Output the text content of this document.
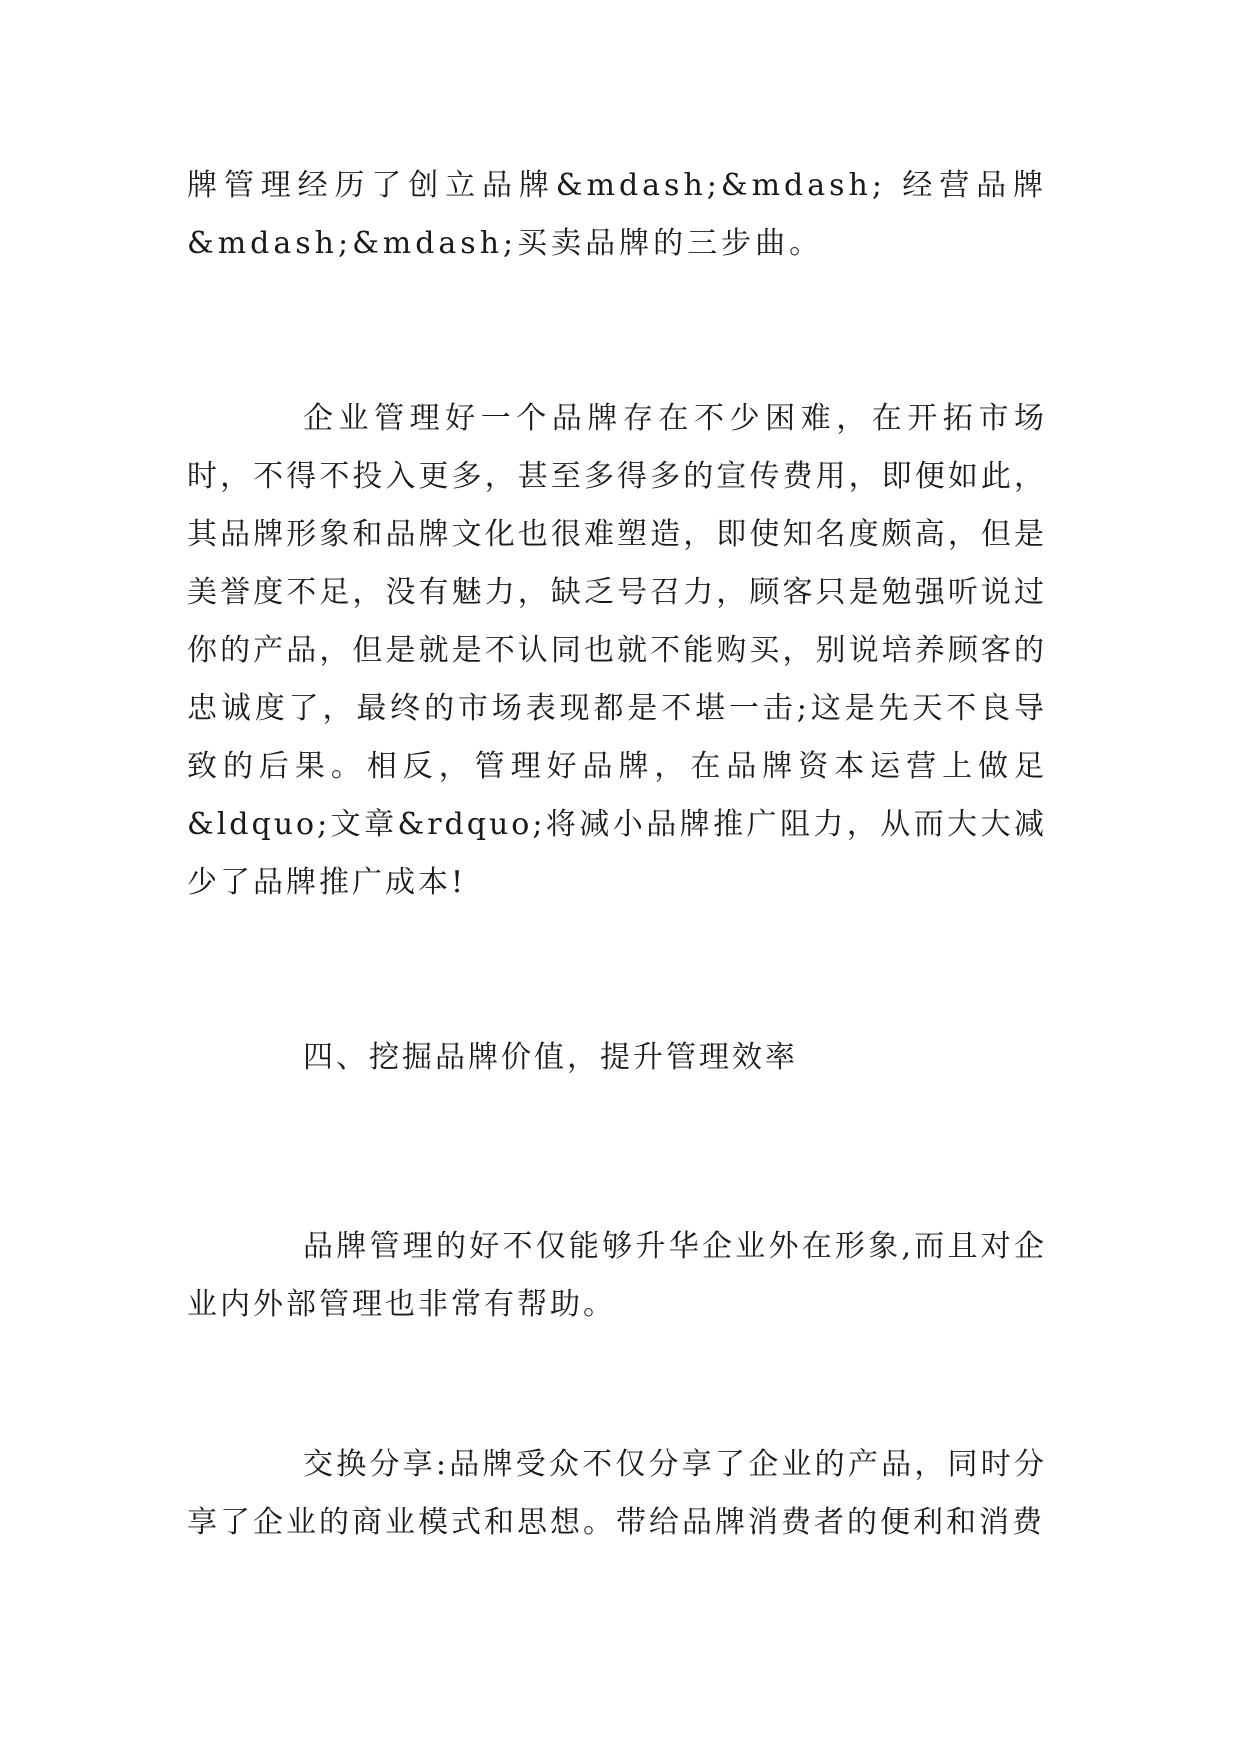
牌管理经历了创立品牌&mdash;&mdash; 经营品牌&mdash;&mdash;买卖品牌的三步曲。

企业管理好一个品牌存在不少困难，在开拓市场时，不得不投入更多，甚至多得多的宣传费用，即便如此，其品牌形象和品牌文化也很难塑造，即使知名度颇高，但是美誉度不足，没有魅力，缺乏号召力，顾客只是勉强听说过你的产品，但是就是不认同也就不能购买，别说培养顾客的忠诚度了，最终的市场表现都是不堪一击;这是先天不良导致的后果。相反，管理好品牌，在品牌资本运营上做足&ldquo;文章&rdquo;将减小品牌推广阻力，从而大大减少了品牌推广成本!

四、挖掘品牌价值，提升管理效率

品牌管理的好不仅能够升华企业外在形象,而且对企业内外部管理也非常有帮助。

交换分享:品牌受众不仅分享了企业的产品，同时分享了企业的商业模式和思想。带给品牌消费者的便利和消费
